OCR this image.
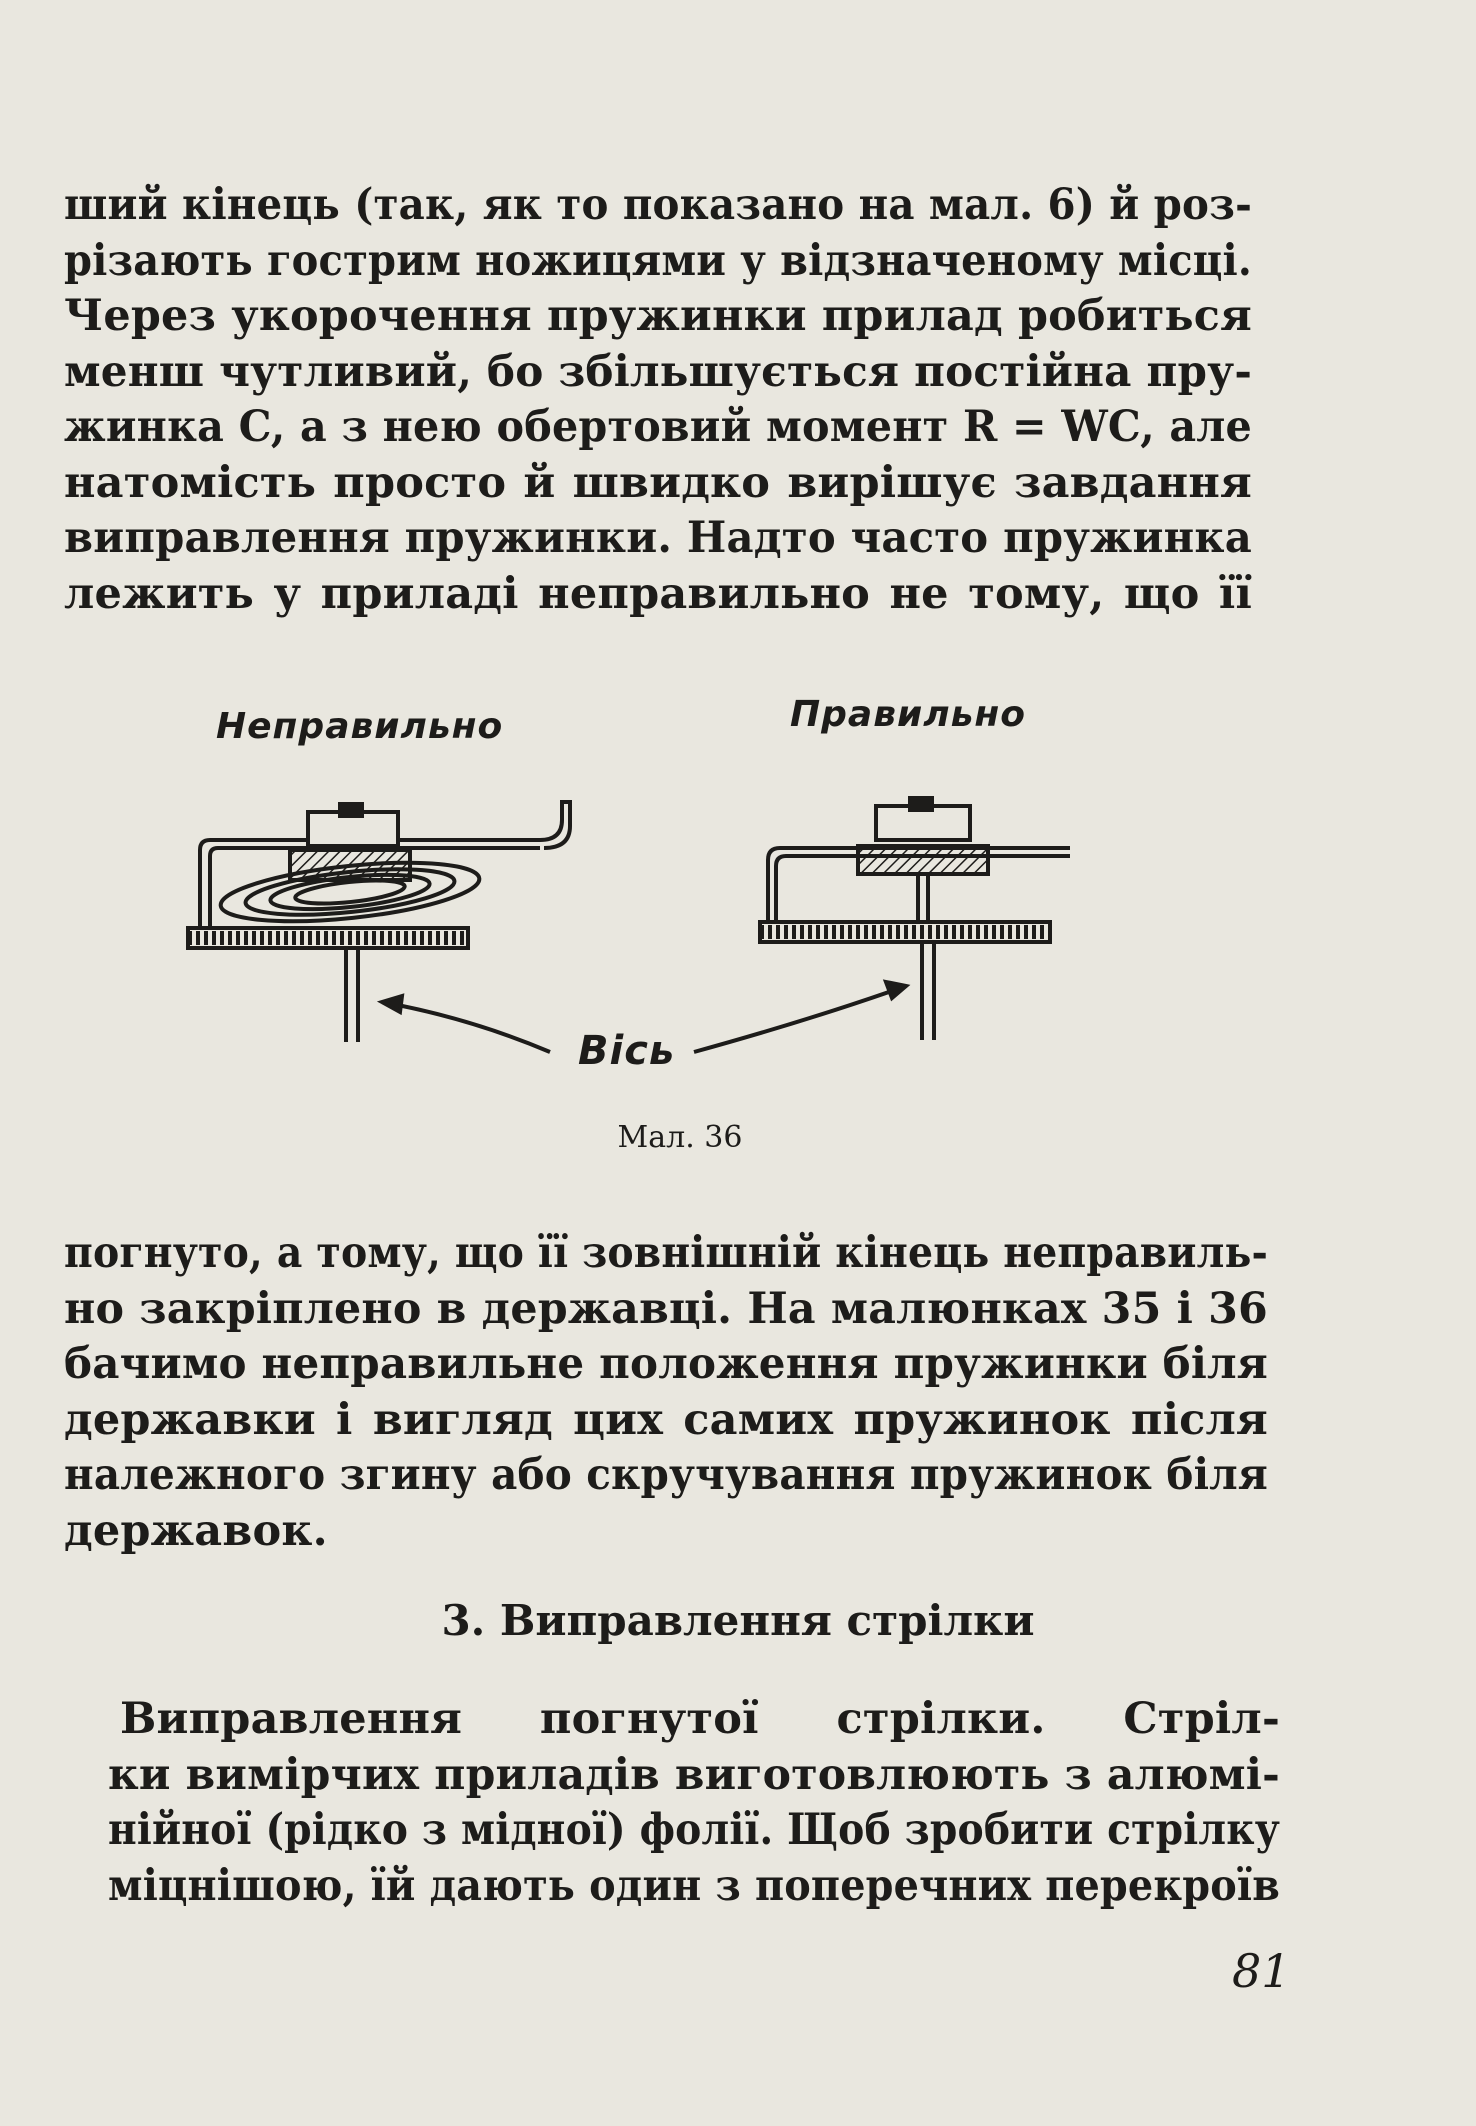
ший кінець (так, як то показано на мал. 6) й роз-
різають гострим ножицями у відзначеному місці.
Через укорочення пружинки прилад робиться
менш чутливий, бо збільшується постійна пру-
жинка C, а з нею обертовий момент R = WC, але
натомість просто й швидко вирішує завдання
виправлення пружинки. Надто часто пружинка
лежить у приладі неправильно не тому, що її
Неправильно	Правильно
Вісь
Мал. 36
погнуто, а тому, що її зовнішній кінець неправиль-
но закріплено в державці. На малюнках 35 і 36
бачимо неправильне положення пружинки біля
державки і вигляд цих самих пружинок після
належного згину або скручування пружинок біля
державок.
3. Виправлення стрілки
Виправлення погнутої стрілки. Стріл-
ки вимірчих приладів виготовлюють з алюмі-
нійної (рідко з мідної) фолії. Щоб зробити стрілку
міцнішою, їй дають один з поперечних перекроїв
81
